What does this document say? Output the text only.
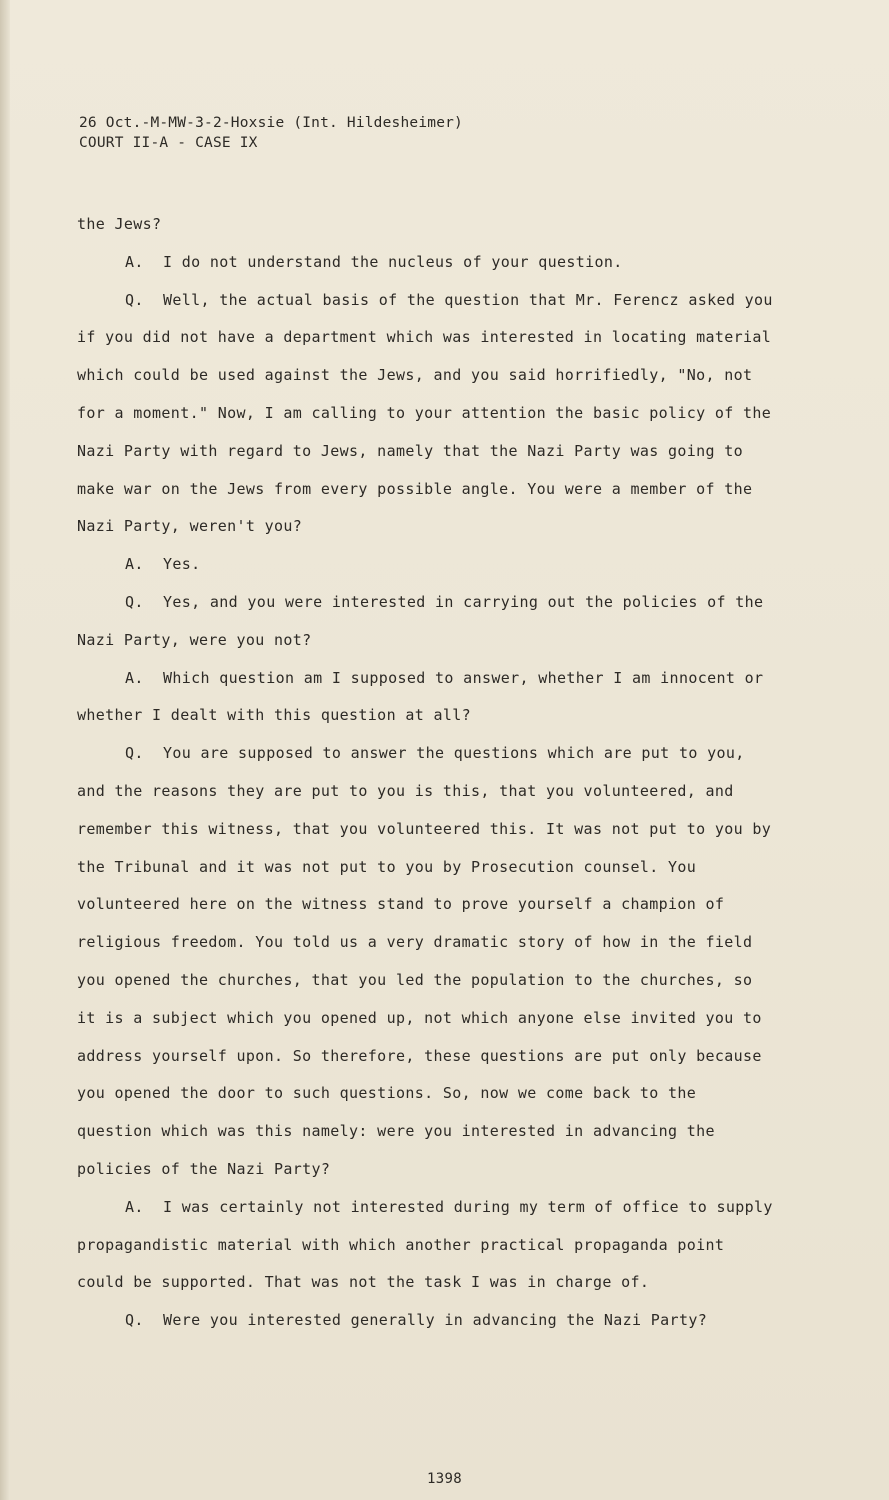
26 Oct.-M-MW-3-2-Hoxsie (Int. Hildesheimer)
COURT II-A - CASE IX

the Jews?

A. I do not understand the nucleus of your question.

Q. Well, the actual basis of the question that Mr. Ferencz asked you if you did not have a department which was interested in locating material which could be used against the Jews, and you said horrifiedly, "No, not for a moment." Now, I am calling to your attention the basic policy of the Nazi Party with regard to Jews, namely that the Nazi Party was going to make war on the Jews from every possible angle. You were a member of the Nazi Party, weren't you?

A. Yes.

Q. Yes, and you were interested in carrying out the policies of the Nazi Party, were you not?

A. Which question am I supposed to answer, whether I am innocent or whether I dealt with this question at all?

Q. You are supposed to answer the questions which are put to you, and the reasons they are put to you is this, that you volunteered, and remember this witness, that you volunteered this. It was not put to you by the Tribunal and it was not put to you by Prosecution counsel. You volunteered here on the witness stand to prove yourself a champion of religious freedom. You told us a very dramatic story of how in the field you opened the churches, that you led the population to the churches, so it is a subject which you opened up, not which anyone else invited you to address yourself upon. So therefore, these questions are put only because you opened the door to such questions. So, now we come back to the question which was this namely: were you interested in advancing the policies of the Nazi Party?

A. I was certainly not interested during my term of office to supply propagandistic material with which another practical propaganda point could be supported. That was not the task I was in charge of.

Q. Were you interested generally in advancing the Nazi Party?

1398
